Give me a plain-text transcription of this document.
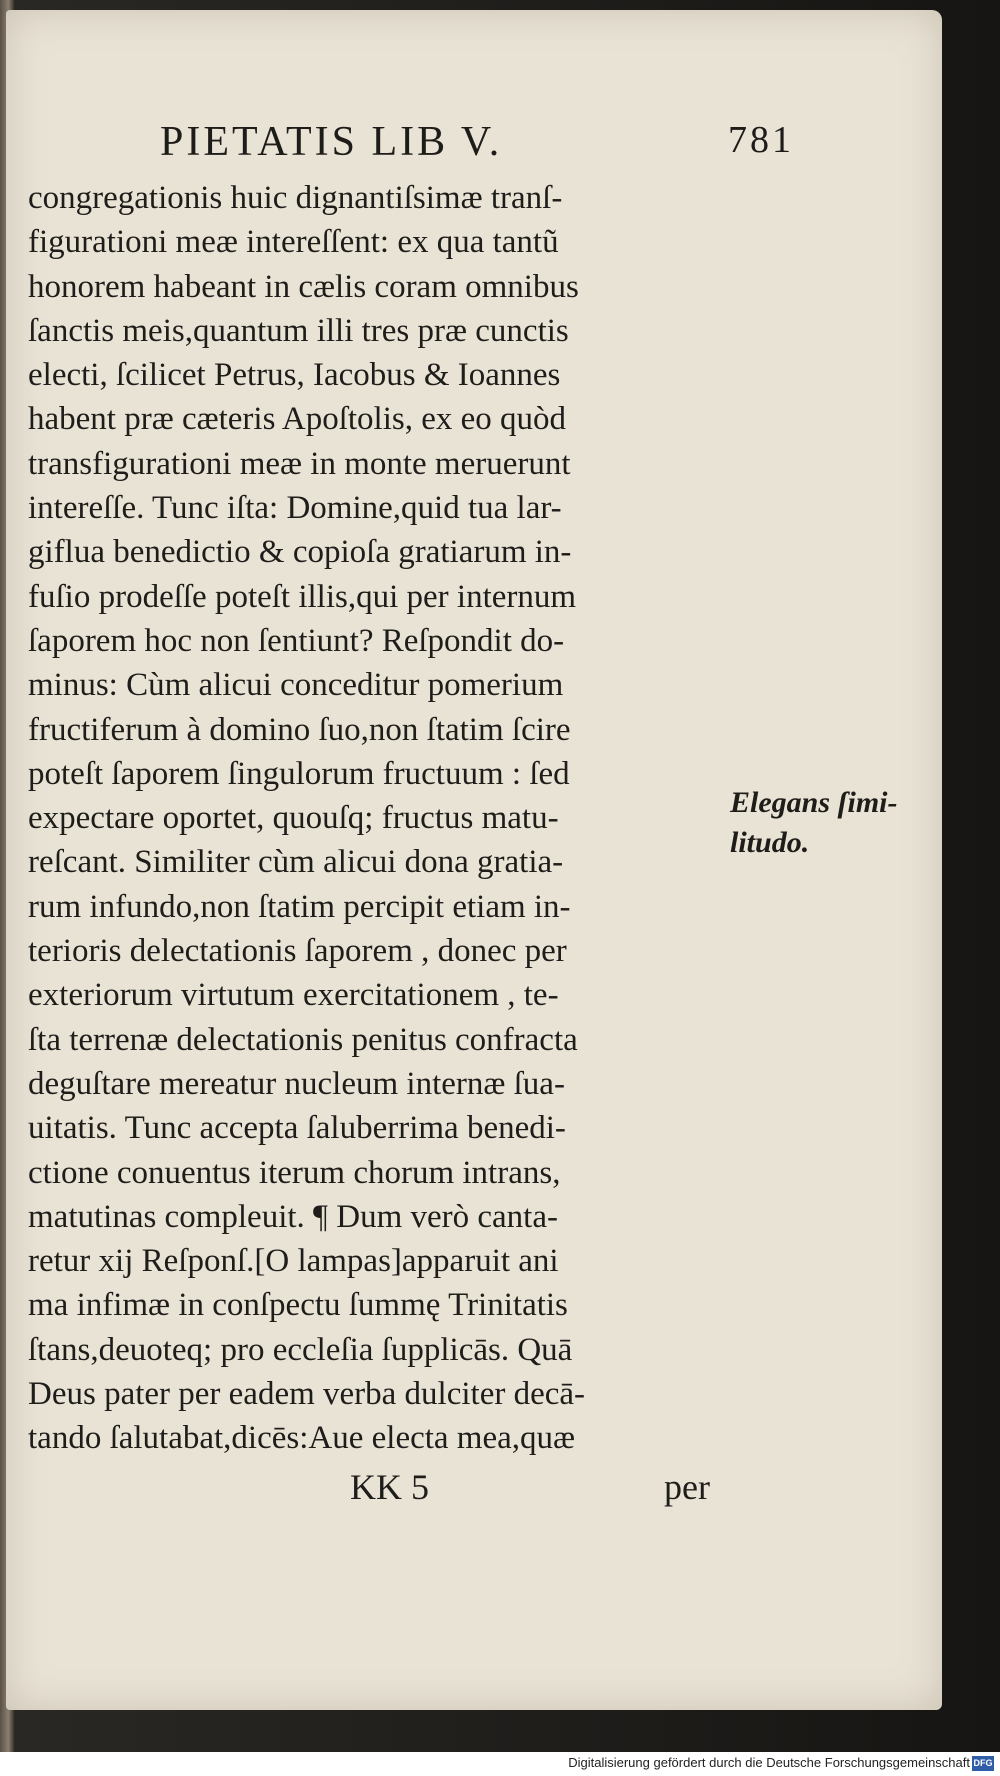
PIETATIS LIB V.	781
congregationis huic dignantiſsimæ tranſ-
figurationi meæ intereſſent: ex qua tantũ
honorem habeant in cælis coram omnibus
ſanctis meis,quantum illi tres præ cunctis
electi, ſcilicet Petrus, Iacobus & Ioannes
habent præ cæteris Apoſtolis, ex eo quòd
transfigurationi meæ in monte meruerunt
intereſſe. Tunc iſta: Domine,quid tua lar-
giflua benedictio & copioſa gratiarum in-
fuſio prodeſſe poteſt illis,qui per internum
ſaporem hoc non ſentiunt? Reſpondit do-
minus: Cùm alicui conceditur pomerium
fructiferum à domino ſuo,non ſtatim ſcire
poteſt ſaporem ſingulorum fructuum : ſed
expectare oportet, quouſq; fructus matu-
reſcant. Similiter cùm alicui dona gratia-
rum infundo,non ſtatim percipit etiam in-
terioris delectationis ſaporem , donec per
exteriorum virtutum exercitationem , te-
ſta terrenæ delectationis penitus confracta
deguſtare mereatur nucleum internæ ſua-
uitatis. Tunc accepta ſaluberrima benedi-
ctione conuentus iterum chorum intrans,
matutinas compleuit. ¶ Dum verò canta-
retur xij Reſponſ.[O lampas]apparuit ani
ma infimæ in conſpectu ſummę Trinitatis
ſtans,deuoteq; pro eccleſia ſupplicās. Quā
Deus pater per eadem verba dulciter decā-
tando ſalutabat,dicēs:Aue electa mea,quæ
Elegans ſimi-
litudo.
KK 5	per
Digitalisierung gefördert durch die Deutsche Forschungsgemeinschaft DFG
